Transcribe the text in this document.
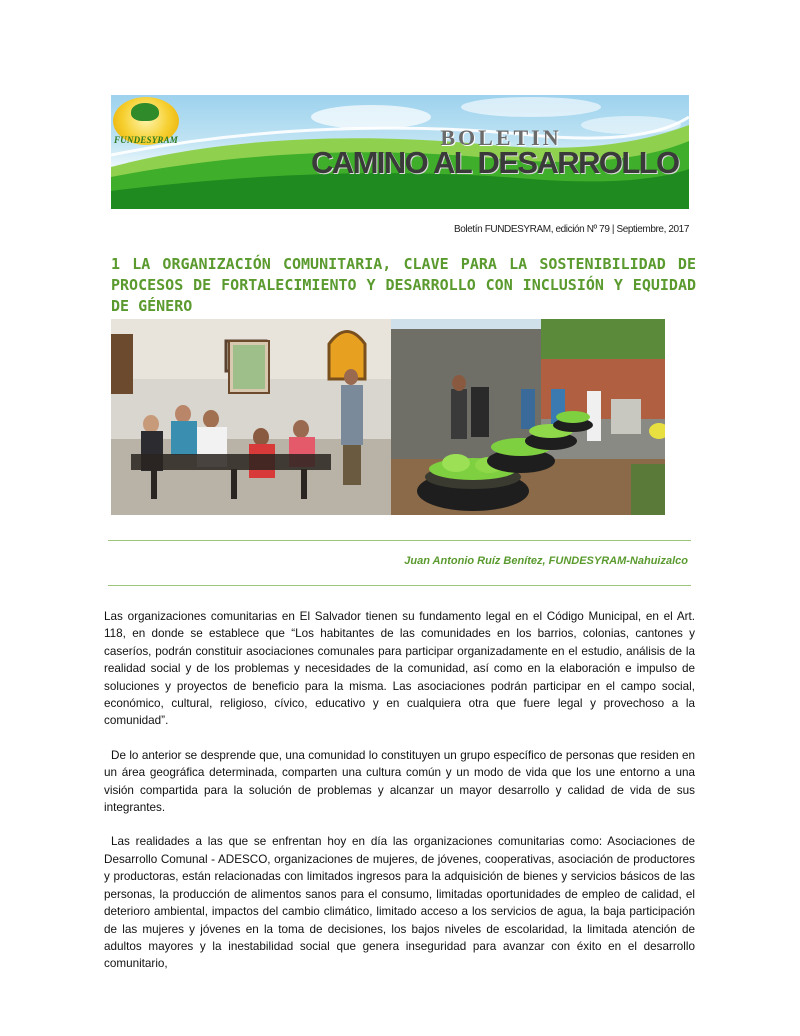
FUNDESYRAM	BOLETIN
CAMINO AL DESARROLLO
Boletín FUNDESYRAM, edición Nº 79 | Septiembre, 2017
1 LA ORGANIZACIÓN COMUNITARIA, CLAVE PARA LA SOSTENIBILIDAD DE PROCESOS DE FORTALECIMIENTO Y DESARROLLO CON INCLUSIÓN Y EQUIDAD DE GÉNERO
Juan Antonio Ruíz Benítez, FUNDESYRAM-Nahuizalco

Las organizaciones comunitarias en El Salvador tienen su fundamento legal en el Código Municipal, en el Art. 118, en donde se establece que “Los habitantes de las comunidades en los barrios, colonias, cantones y caseríos, podrán constituir asociaciones comunales para participar organizadamente en el estudio, análisis de la realidad social y de los problemas y necesidades de la comunidad, así como en la elaboración e impulso de soluciones y proyectos de beneficio para la misma. Las asociaciones podrán participar en el campo social, económico, cultural, religioso, cívico, educativo y en cualquiera otra que fuere legal y provechoso a la comunidad”.

De lo anterior se desprende que, una comunidad lo constituyen un grupo específico de personas que residen en un área geográfica determinada, comparten una cultura común y un modo de vida que los une entorno a una visión compartida para la solución de problemas y alcanzar un mayor desarrollo y calidad de vida de sus integrantes.

Las realidades a las que se enfrentan hoy en día las organizaciones comunitarias como: Asociaciones de Desarrollo Comunal - ADESCO, organizaciones de mujeres, de jóvenes, cooperativas, asociación de productores y productoras, están relacionadas con limitados ingresos para la adquisición de bienes y servicios básicos de las personas, la producción de alimentos sanos para el consumo, limitadas oportunidades de empleo de calidad, el deterioro ambiental, impactos del cambio climático, limitado acceso a los servicios de agua, la baja participación de las mujeres y jóvenes en la toma de decisiones, los bajos niveles de escolaridad, la limitada atención de adultos mayores y la inestabilidad social que genera inseguridad para avanzar con éxito en el desarrollo comunitario,
